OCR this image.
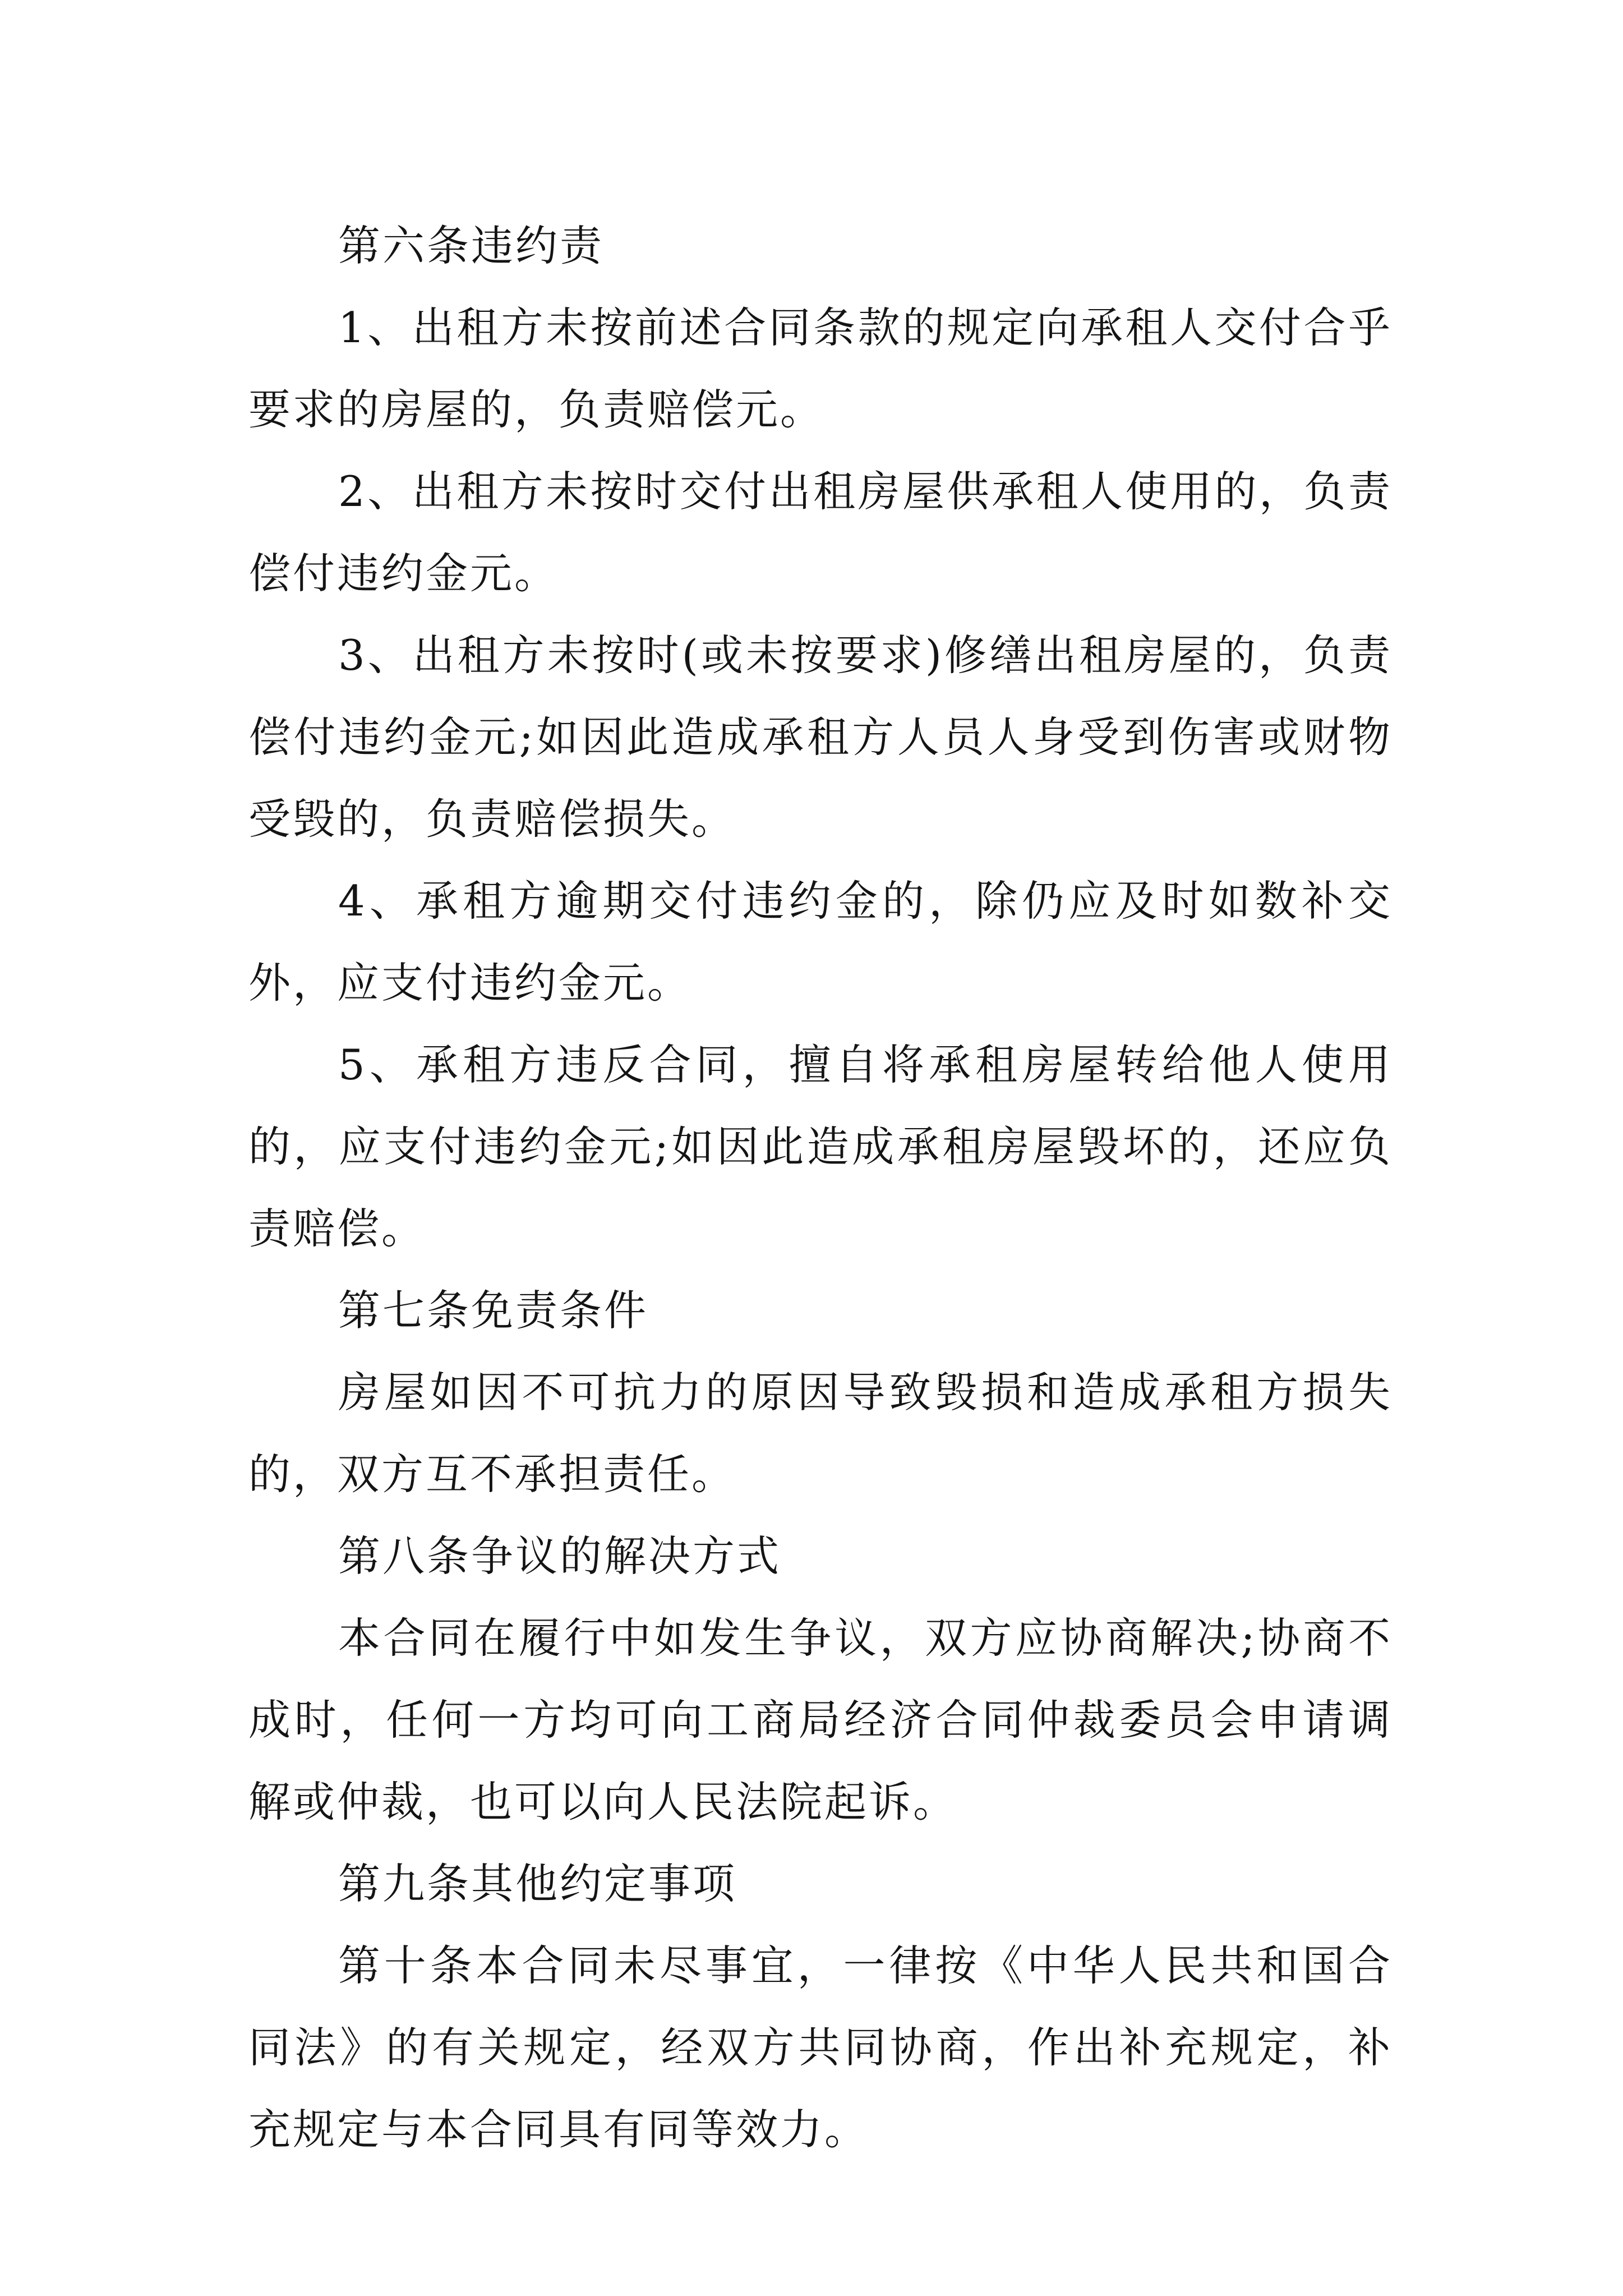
第六条违约责

1、出租方未按前述合同条款的规定向承租人交付合乎要求的房屋的，负责赔偿元。

2、出租方未按时交付出租房屋供承租人使用的，负责偿付违约金元。

3、出租方未按时(或未按要求)修缮出租房屋的，负责偿付违约金元;如因此造成承租方人员人身受到伤害或财物受毁的，负责赔偿损失。

4、承租方逾期交付违约金的，除仍应及时如数补交外，应支付违约金元。

5、承租方违反合同，擅自将承租房屋转给他人使用的，应支付违约金元;如因此造成承租房屋毁坏的，还应负责赔偿。

第七条免责条件

房屋如因不可抗力的原因导致毁损和造成承租方损失的，双方互不承担责任。

第八条争议的解决方式

本合同在履行中如发生争议，双方应协商解决;协商不成时，任何一方均可向工商局经济合同仲裁委员会申请调解或仲裁，也可以向人民法院起诉。

第九条其他约定事项

第十条本合同未尽事宜，一律按《中华人民共和国合同法》的有关规定，经双方共同协商，作出补充规定，补充规定与本合同具有同等效力。
